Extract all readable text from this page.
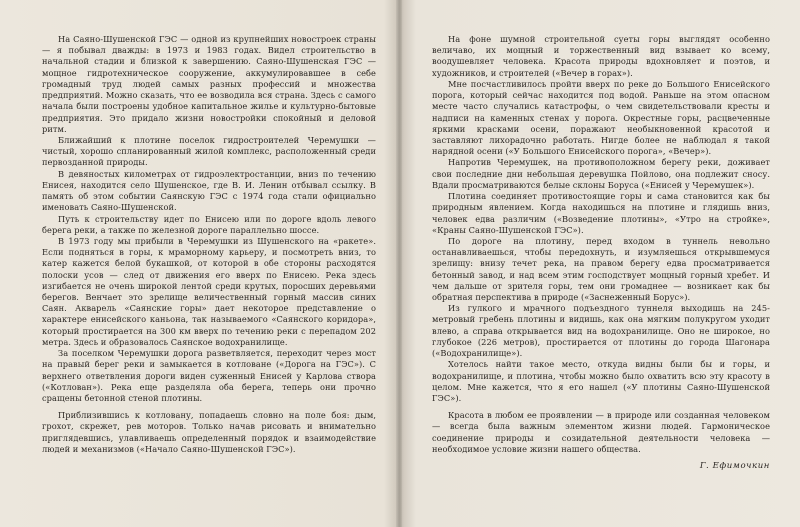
На Саяно-Шушенской ГЭС — одной из крупнейших новостроек страны — я побывал дважды: в 1973 и 1983 годах. Видел строительство в начальной стадии и близкой к завершению. Саяно-Шушенская ГЭС — мощное гидротехническое сооружение, аккумулировавшее в себе громадный труд людей самых разных профессий и множества предприятий. Можно сказать, что ее возводила вся страна. Здесь с самого начала были построены удобное капитальное жилье и культурно-бытовые предприятия. Это придало жизни новостройки спокойный и деловой ритм.

Ближайший к плотине поселок гидростроителей Черемушки — чистый, хорошо спланированный жилой комплекс, расположенный среди первозданной природы.

В девяностых километрах от гидроэлектростанции, вниз по течению Енисея, находится село Шушенское, где В. И. Ленин отбывал ссылку. В память об этом событии Саянскую ГЭС с 1974 года стали официально именовать Саяно-Шушенской.

Путь к строительству идет по Енисею или по дороге вдоль левого берега реки, а также по железной дороге параллельно шоссе.

В 1973 году мы прибыли в Черемушки из Шушенского на «ракете». Если подняться в горы, к мраморному карьеру, и посмотреть вниз, то катер кажется белой букашкой, от которой в обе стороны расходятся полоски усов — след от движения его вверх по Енисею. Река здесь изгибается не очень широкой лентой среди крутых, поросших деревьями берегов. Венчает это зрелище величественный горный массив синих Саян. Акварель «Саянские горы» дает некоторое представление о характере енисейского каньона, так называемого «Саянского коридора», который простирается на 300 км вверх по течению реки с перепадом 202 метра. Здесь и образовалось Саянское водохранилище.

За поселком Черемушки дорога разветвляется, переходит через мост на правый берег реки и замыкается в котловане («Дорога на ГЭС»). С верхнего ответвления дороги виден суженный Енисей у Карлова створа («Котлован»). Река еще разделяла оба берега, теперь они прочно сращены бетонной стеной плотины.

Приблизившись к котловану, попадаешь словно на поле боя: дым, грохот, скрежет, рев моторов. Только начав рисовать и внимательно приглядевшись, улавливаешь определенный порядок и взаимодействие людей и механизмов («Начало Саяно-Шушенской ГЭС»).

На фоне шумной строительной суеты горы выглядят особенно величаво, их мощный и торжественный вид взывает ко всему, воодушевляет человека. Красота природы вдохновляет и поэтов, и художников, и строителей («Вечер в горах»).

Мне посчастливилось пройти вверх по реке до Большого Енисейского порога, который сейчас находится под водой. Раньше на этом опасном месте часто случались катастрофы, о чем свидетельствовали кресты и надписи на каменных стенах у порога. Окрестные горы, расцвеченные яркими красками осени, поражают необыкновенной красотой и заставляют лихорадочно работать. Нигде более не наблюдал я такой нарядной осени («У Большого Енисейского порога», «Вечер»).

Напротив Черемушек, на противоположном берегу реки, доживает свои последние дни небольшая деревушка Пойлово, она подлежит сносу. Вдали просматриваются белые склоны Боруса («Енисей у Черемушек»).

Плотина соединяет противостоящие горы и сама становится как бы природным явлением. Когда находишься на плотине и глядишь вниз, человек едва различим («Возведение плотины», «Утро на стройке», «Краны Саяно-Шушенской ГЭС»).

По дороге на плотину, перед входом в туннель невольно останавливаешься, чтобы передохнуть, и изумляешься открывшемуся зрелищу: внизу течет река, на правом берегу едва просматривается бетонный завод, и над всем этим господствует мощный горный хребет. И чем дальше от зрителя горы, тем они громаднее — возникает как бы обратная перспектива в природе («Заснеженный Борус»).

Из гулкого и мрачного подъездного туннеля выходишь на 245-метровый гребень плотины и видишь, как она мягким полукругом уходит влево, а справа открывается вид на водохранилище. Оно не широкое, но глубокое (226 метров), простирается от плотины до города Шагонара («Водохранилище»).

Хотелось найти такое место, откуда видны были бы и горы, и водохранилище, и плотина, чтобы можно было охватить всю эту красоту в целом. Мне кажется, что я его нашел («У плотины Саяно-Шушенской ГЭС»).

Красота в любом ее проявлении — в природе или созданная человеком — всегда была важным элементом жизни людей. Гармоническое соединение природы и созидательной деятельности человека — необходимое условие жизни нашего общества.

Г. Ефимочкин
